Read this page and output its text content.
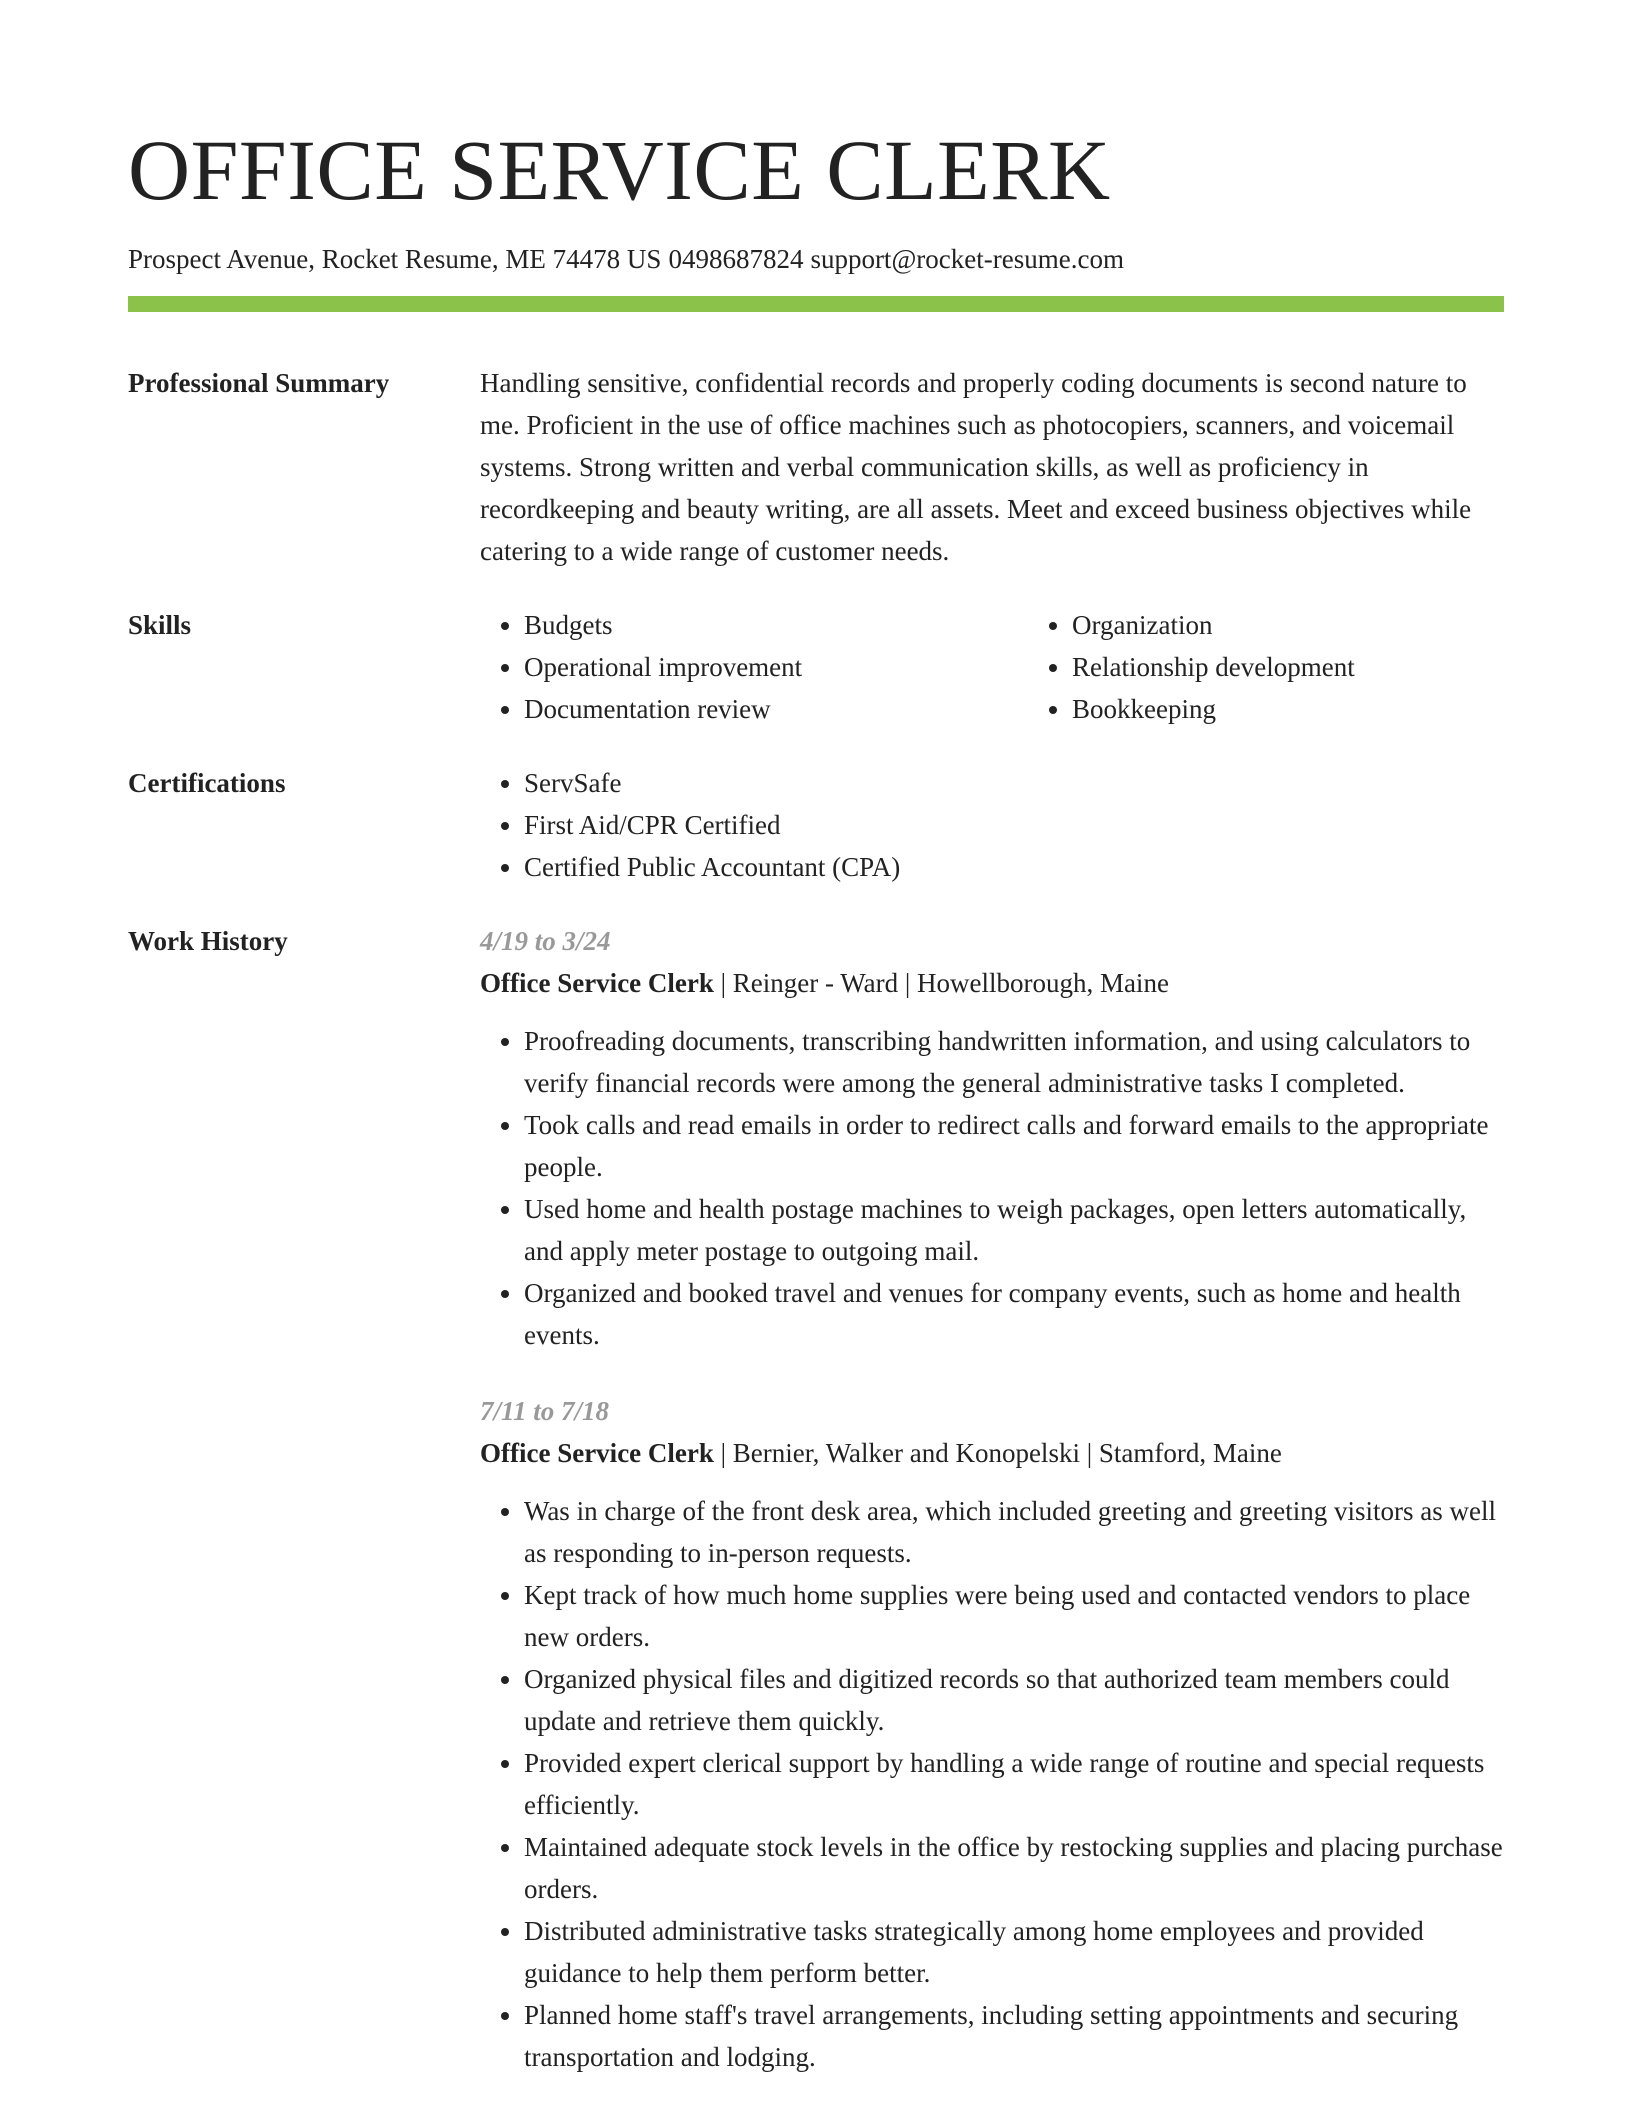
OFFICE SERVICE CLERK
Prospect Avenue, Rocket Resume, ME 74478 US 0498687824 support@rocket-resume.com
Professional Summary	Handling sensitive, confidential records and properly coding documents is second nature to me. Proficient in the use of office machines such as photocopiers, scanners, and voicemail systems. Strong written and verbal communication skills, as well as proficiency in recordkeeping and beauty writing, are all assets. Meet and exceed business objectives while catering to a wide range of customer needs.

Skills	• Budgets
• Operational improvement
• Documentation review
• Organization
• Relationship development
• Bookkeeping
Certifications	• ServSafe
• First Aid/CPR Certified
• Certified Public Accountant (CPA)
Work History	4/19 to 3/24
Office Service Clerk | Reinger - Ward | Howellborough, Maine
• Proofreading documents, transcribing handwritten information, and using calculators to verify financial records were among the general administrative tasks I completed.
• Took calls and read emails in order to redirect calls and forward emails to the appropriate people.
• Used home and health postage machines to weigh packages, open letters automatically, and apply meter postage to outgoing mail.
• Organized and booked travel and venues for company events, such as home and health events.
7/11 to 7/18
Office Service Clerk | Bernier, Walker and Konopelski | Stamford, Maine
• Was in charge of the front desk area, which included greeting and greeting visitors as well as responding to in-person requests.
• Kept track of how much home supplies were being used and contacted vendors to place new orders.
• Organized physical files and digitized records so that authorized team members could update and retrieve them quickly.
• Provided expert clerical support by handling a wide range of routine and special requests efficiently.
• Maintained adequate stock levels in the office by restocking supplies and placing purchase orders.
• Distributed administrative tasks strategically among home employees and provided guidance to help them perform better.
• Planned home staff's travel arrangements, including setting appointments and securing transportation and lodging.
